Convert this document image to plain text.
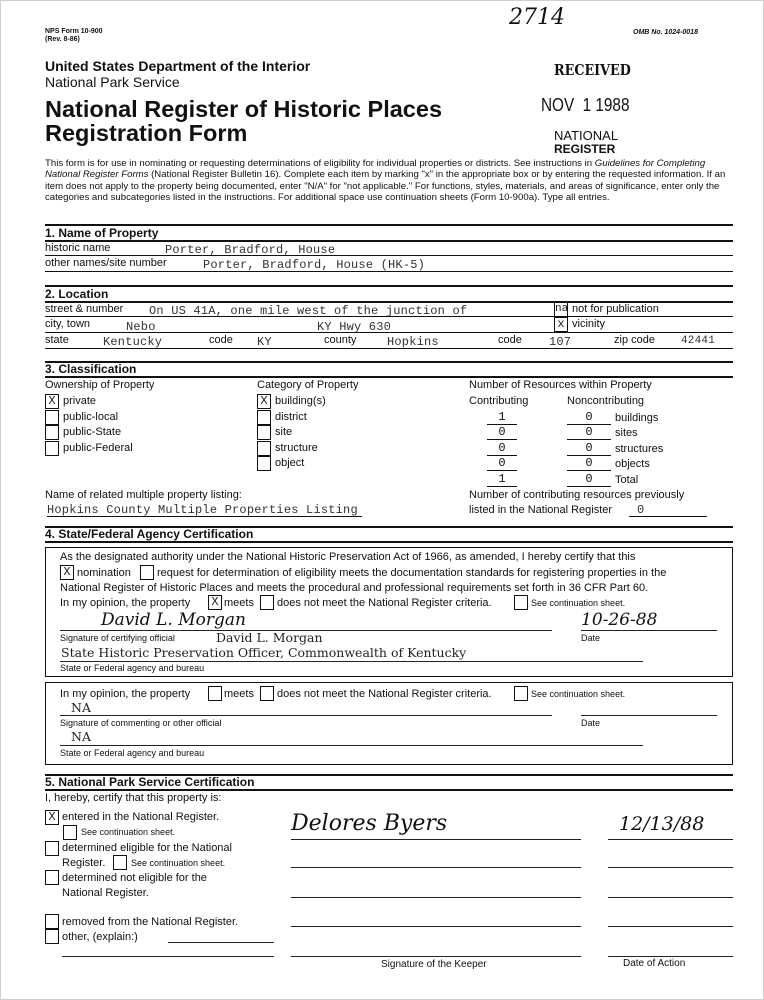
NPS Form 10-900
(Rev. 8-86)
2714
OMB No. 1024-0018
United States Department of the Interior
National Park Service
National Register of Historic Places
Registration Form
RECEIVED
NOV  1 1988
NATIONAL
REGISTER
This form is for use in nominating or requesting determinations of eligibility for individual properties or districts. See instructions in Guidelines for Completing National Register Forms (National Register Bulletin 16). Complete each item by marking "x" in the appropriate box or by entering the requested information. If an item does not apply to the property being documented, enter "N/A" for "not applicable." For functions, styles, materials, and areas of significance, enter only the categories and subcategories listed in the instructions. For additional space use continuation sheets (Form 10-900a). Type all entries.
1. Name of Property
historic name	Porter, Bradford, House
other names/site number	Porter, Bradford, House (HK-5)
2. Location
street & number On US 41A, one mile west of the junction of	na not for publication
city, town	Nebo	KY Hwy 630	x vicinity
state	Kentucky	code KY	county	Hopkins	code 107	zip code 42441
3. Classification
Ownership of Property	Category of Property	Number of Resources within Property
Contributing	Noncontributing
Name of related multiple property listing:
Hopkins County Multiple Properties Listing
Number of contributing resources previously
listed in the National Register	0
4. State/Federal Agency Certification
As the designated authority under the National Historic Preservation Act of 1966, as amended, I hereby certify that this
X nomination request for determination of eligibility meets the documentation standards for registering properties in the
National Register of Historic Places and meets the procedural and professional requirements set forth in 36 CFR Part 60.
In my opinion, the property X meets does not meet the National Register criteria.	See continuation sheet.
David L. Morgan	10-26-88
Signature of certifying official	David L. Morgan	Date
State Historic Preservation Officer, Commonwealth of Kentucky
State or Federal agency and bureau
In my opinion, the property	meets does not meet the National Register criteria.	See continuation sheet.
NA
Signature of commenting or other official	Date
NA
State or Federal agency and bureau
5. National Park Service Certification
I, hereby, certify that this property is:
X entered in the National Register.
See continuation sheet.
determined eligible for the National
Register.	See continuation sheet.
determined not eligible for the
National Register.
removed from the National Register.
other, (explain:)
Delores Byers	12/13/88
Signature of the Keeper	Date of Action
X private
public-local
public-State
public-Federal
X building(s)
district
site
structure
object
1	0	buildings
0	0	sites
0	0	structures
0	0	objects
1	0	Total
